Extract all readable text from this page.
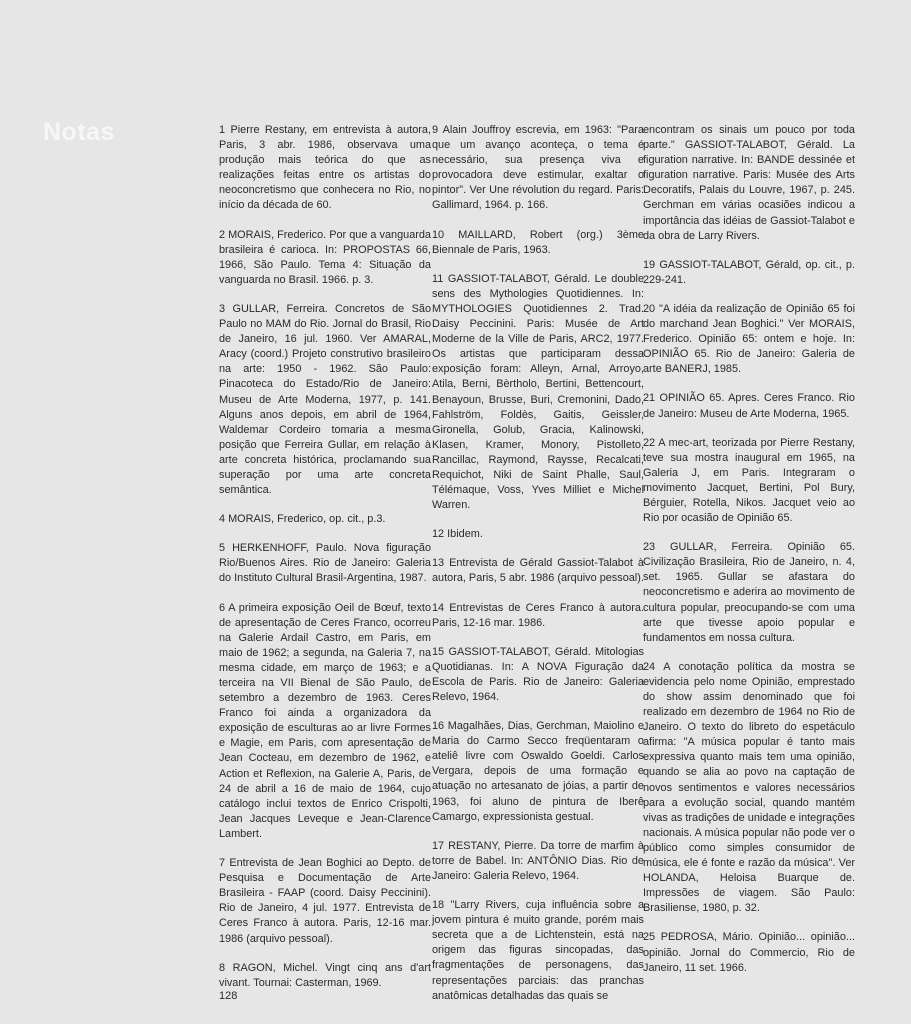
Notas	1 Pierre Restany, em entrevista à autora, Paris, 3 abr. 1986, observava uma produção mais teórica do que as realizações feitas entre os artistas do neoconcretismo que conhecera no Rio, no início da década de 60.

2 MORAIS, Frederico. Por que a vanguarda brasileira é carioca. In: PROPOSTAS 66, 1966, São Paulo. Tema 4: Situação da vanguarda no Brasil. 1966. p. 3.

3 GULLAR, Ferreira. Concretos de São Paulo no MAM do Rio. Jornal do Brasil, Rio de Janeiro, 16 jul. 1960. Ver AMARAL, Aracy (coord.) Projeto construtivo brasileiro na arte: 1950 - 1962. São Paulo: Pinacoteca do Estado/Rio de Janeiro: Museu de Arte Moderna, 1977, p. 141. Alguns anos depois, em abril de 1964, Waldemar Cordeiro tomaria a mesma posição que Ferreira Gullar, em relação à arte concreta histórica, proclamando sua superação por uma arte concreta semântica.

4 MORAIS, Frederico, op. cit., p.3.

5 HERKENHOFF, Paulo. Nova figuração Rio/Buenos Aires. Rio de Janeiro: Galeria do Instituto Cultural Brasil-Argentina, 1987.

6 A primeira exposição Oeil de Bœuf, texto de apresentação de Ceres Franco, ocorreu na Galerie Ardail Castro, em Paris, em maio de 1962; a segunda, na Galeria 7, na mesma cidade, em março de 1963; e a terceira na VII Bienal de São Paulo, de setembro a dezembro de 1963. Ceres Franco foi ainda a organizadora da exposição de esculturas ao ar livre Formes e Magie, em Paris, com apresentação de Jean Cocteau, em dezembro de 1962, e Action et Reflexion, na Galerie A, Paris, de 24 de abril a 16 de maio de 1964, cujo catálogo inclui textos de Enrico Crispolti, Jean Jacques Leveque e Jean-Clarence Lambert.

7 Entrevista de Jean Boghici ao Depto. de Pesquisa e Documentação de Arte Brasileira - FAAP (coord. Daisy Peccinini). Rio de Janeiro, 4 jul. 1977. Entrevista de Ceres Franco à autora. Paris, 12-16 mar. 1986 (arquivo pessoal).

8 RAGON, Michel. Vingt cinq ans d'art vivant. Tournai: Casterman, 1969.

9 Alain Jouffroy escrevia, em 1963: "Para que um avanço aconteça, o tema é necessário, sua presença viva e provocadora deve estimular, exaltar o pintor". Ver Une révolution du regard. Paris: Gallimard, 1964. p. 166.

10 MAILLARD, Robert (org.) 3ème Biennale de Paris, 1963.

11 GASSIOT-TALABOT, Gérald. Le double sens des Mythologies Quotidiennes. In: MYTHOLOGIES Quotidiennes 2. Trad. Daisy Peccinini. Paris: Musée de Art Moderne de la Ville de Paris, ARC2, 1977. Os artistas que participaram dessa exposição foram: Alleyn, Arnal, Arroyo, Atila, Berni, Bèrtholo, Bertini, Bettencourt, Benayoun, Brusse, Buri, Cremonini, Dado, Fahlström, Foldès, Gaitis, Geissler, Gironella, Golub, Gracia, Kalinowski, Klasen, Kramer, Monory, Pistolleto, Rancillac, Raymond, Raysse, Recalcati, Requichot, Niki de Saint Phalle, Saul, Télémaque, Voss, Yves Milliet e Michel Warren.

12 Ibidem.

13 Entrevista de Gérald Gassiot-Talabot à autora, Paris, 5 abr. 1986 (arquivo pessoal).

14 Entrevistas de Ceres Franco à autora. Paris, 12-16 mar. 1986.

15 GASSIOT-TALABOT, Gérald. Mitologias Quotidianas. In: A NOVA Figuração da Escola de Paris. Rio de Janeiro: Galeria Relevo, 1964.

16 Magalhães, Dias, Gerchman, Maiolino e Maria do Carmo Secco freqüentaram o ateliê livre com Oswaldo Goeldi. Carlos Vergara, depois de uma formação e atuação no artesanato de jóias, a partir de 1963, foi aluno de pintura de Iberê Camargo, expressionista gestual.

17 RESTANY, Pierre. Da torre de marfim à torre de Babel. In: ANTÔNIO Dias. Rio de Janeiro: Galeria Relevo, 1964.

18 "Larry Rivers, cuja influência sobre a jovem pintura é muito grande, porém mais secreta que a de Lichtenstein, está na origem das figuras sincopadas, das fragmentações de personagens, das representações parciais: das pranchas anatômicas detalhadas das quais se

encontram os sinais um pouco por toda parte." GASSIOT-TALABOT, Gérald. La figuration narrative. In: BANDE dessinée et figuration narrative. Paris: Musée des Arts Decoratifs, Palais du Louvre, 1967, p. 245. Gerchman em várias ocasiões indicou a importância das idéias de Gassiot-Talabot e da obra de Larry Rivers.

19 GASSIOT-TALABOT, Gérald, op. cit., p. 229-241.

20 "A idéia da realização de Opinião 65 foi do marchand Jean Boghici." Ver MORAIS, Frederico. Opinião 65: ontem e hoje. In: OPINIÃO 65. Rio de Janeiro: Galeria de arte BANERJ, 1985.

21 OPINIÃO 65. Apres. Ceres Franco. Rio de Janeiro: Museu de Arte Moderna, 1965.

22 A mec-art, teorizada por Pierre Restany, teve sua mostra inaugural em 1965, na Galeria J, em Paris. Integraram o movimento Jacquet, Bertini, Pol Bury, Bérguier, Rotella, Nikos. Jacquet veio ao Rio por ocasião de Opinião 65.

23 GULLAR, Ferreira. Opinião 65. Civilização Brasileira, Rio de Janeiro, n. 4, set. 1965. Gullar se afastara do neoconcretismo e aderira ao movimento de cultura popular, preocupando-se com uma arte que tivesse apoio popular e fundamentos em nossa cultura.

24 A conotação política da mostra se evidencia pelo nome Opinião, emprestado do show assim denominado que foi realizado em dezembro de 1964 no Rio de Janeiro. O texto do libreto do espetáculo afirma: "A música popular é tanto mais expressiva quanto mais tem uma opinião, quando se alia ao povo na captação de novos sentimentos e valores necessários para a evolução social, quando mantém vivas as tradições de unidade e integrações nacionais. A música popular não pode ver o público como simples consumidor de música, ele é fonte e razão da música". Ver HOLANDA, Heloisa Buarque de. Impressões de viagem. São Paulo: Brasiliense, 1980, p. 32.

25 PEDROSA, Mário. Opinião... opinião... opinião. Jornal do Commercio, Rio de Janeiro, 11 set. 1966.

128
